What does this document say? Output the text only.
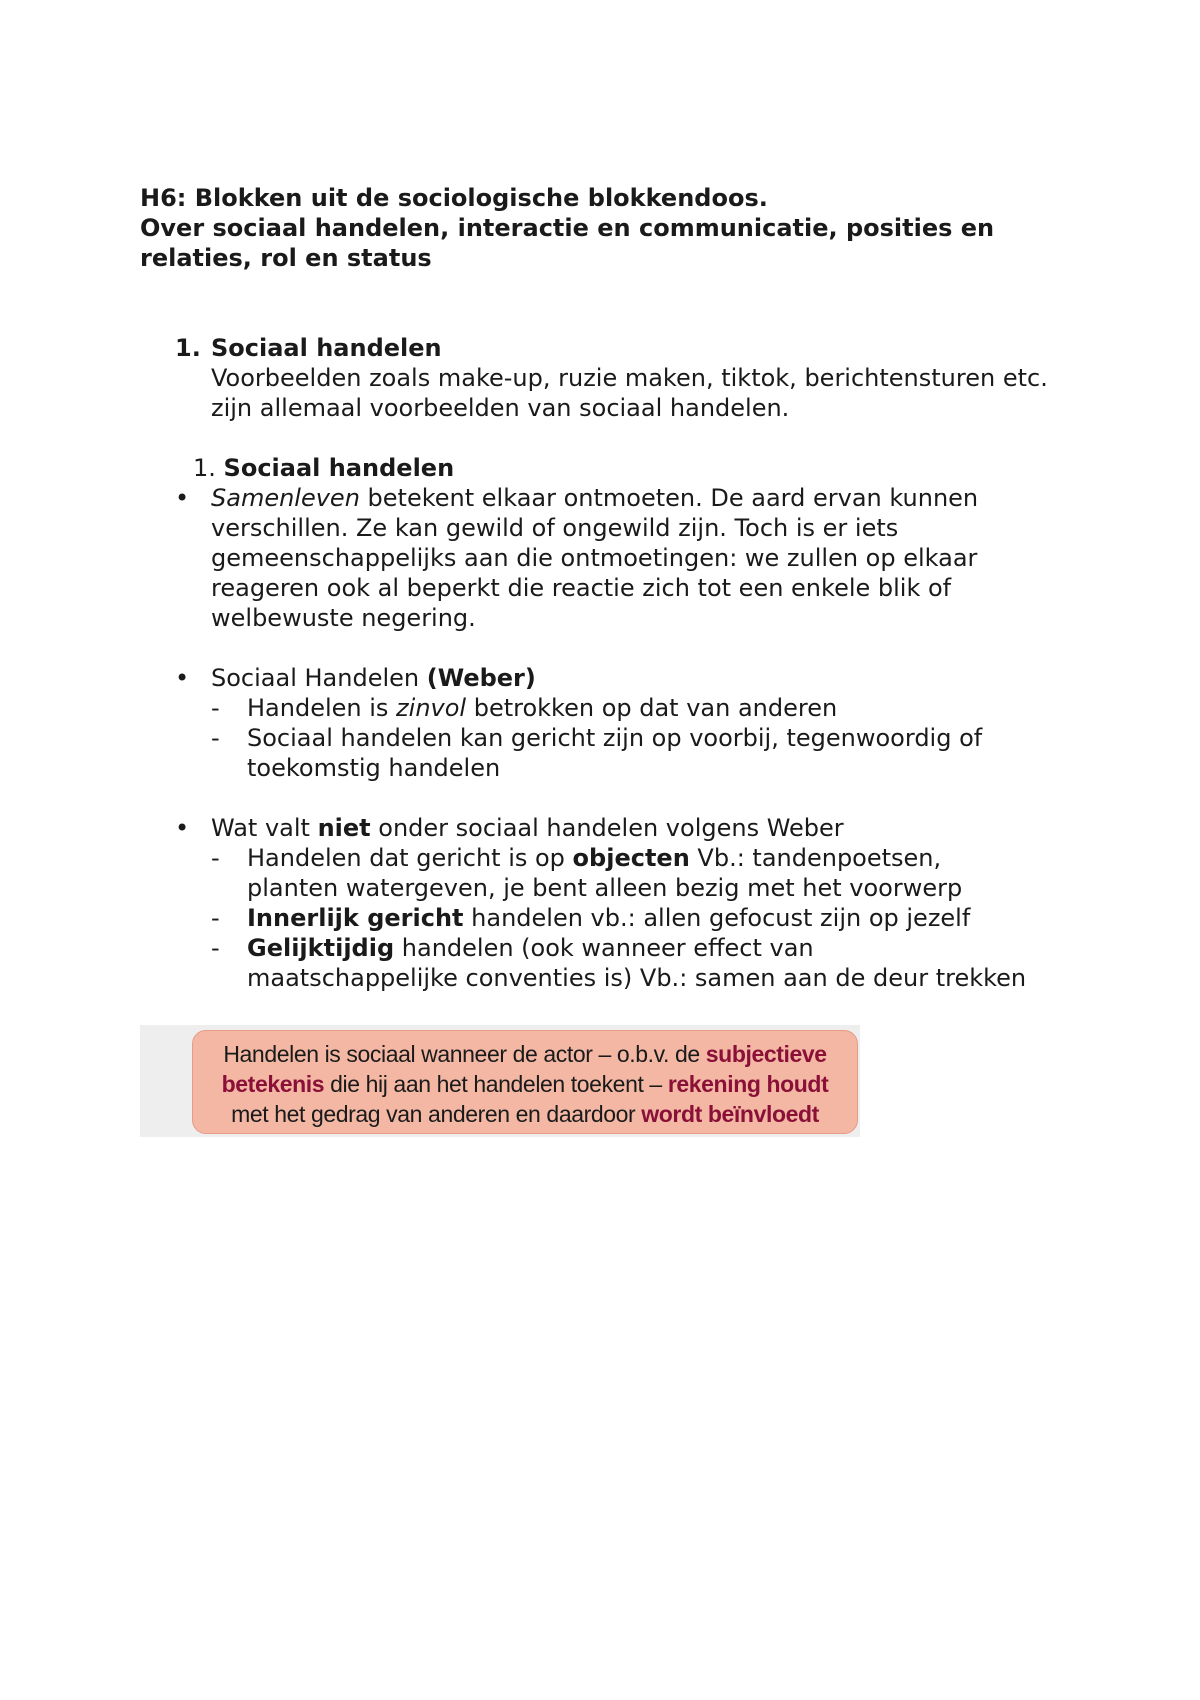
H6: Blokken uit de sociologische blokkendoos.
Over sociaal handelen, interactie en communicatie, posities en relaties, rol en status
1. Sociaal handelen
Voorbeelden zoals make-up, ruzie maken, tiktok, berichtensturen etc. zijn allemaal voorbeelden van sociaal handelen.
1. Sociaal handelen
• Samenleven betekent elkaar ontmoeten. De aard ervan kunnen verschillen. Ze kan gewild of ongewild zijn. Toch is er iets gemeenschappelijks aan die ontmoetingen: we zullen op elkaar reageren ook al beperkt die reactie zich tot een enkele blik of welbewuste negering.
• Sociaal Handelen (Weber)
-	Handelen is zinvol betrokken op dat van anderen
-	Sociaal handelen kan gericht zijn op voorbij, tegenwoordig of toekomstig handelen
• Wat valt niet onder sociaal handelen volgens Weber
-	Handelen dat gericht is op objecten Vb.: tandenpoetsen, planten watergeven, je bent alleen bezig met het voorwerp
-	Innerlijk gericht handelen vb.: allen gefocust zijn op jezelf
-	Gelijktijdig handelen (ook wanneer effect van maatschappelijke conventies is) Vb.: samen aan de deur trekken
Handelen is sociaal wanneer de actor – o.b.v. de subjectieve betekenis die hij aan het handelen toekent – rekening houdt met het gedrag van anderen en daardoor wordt beïnvloedt
